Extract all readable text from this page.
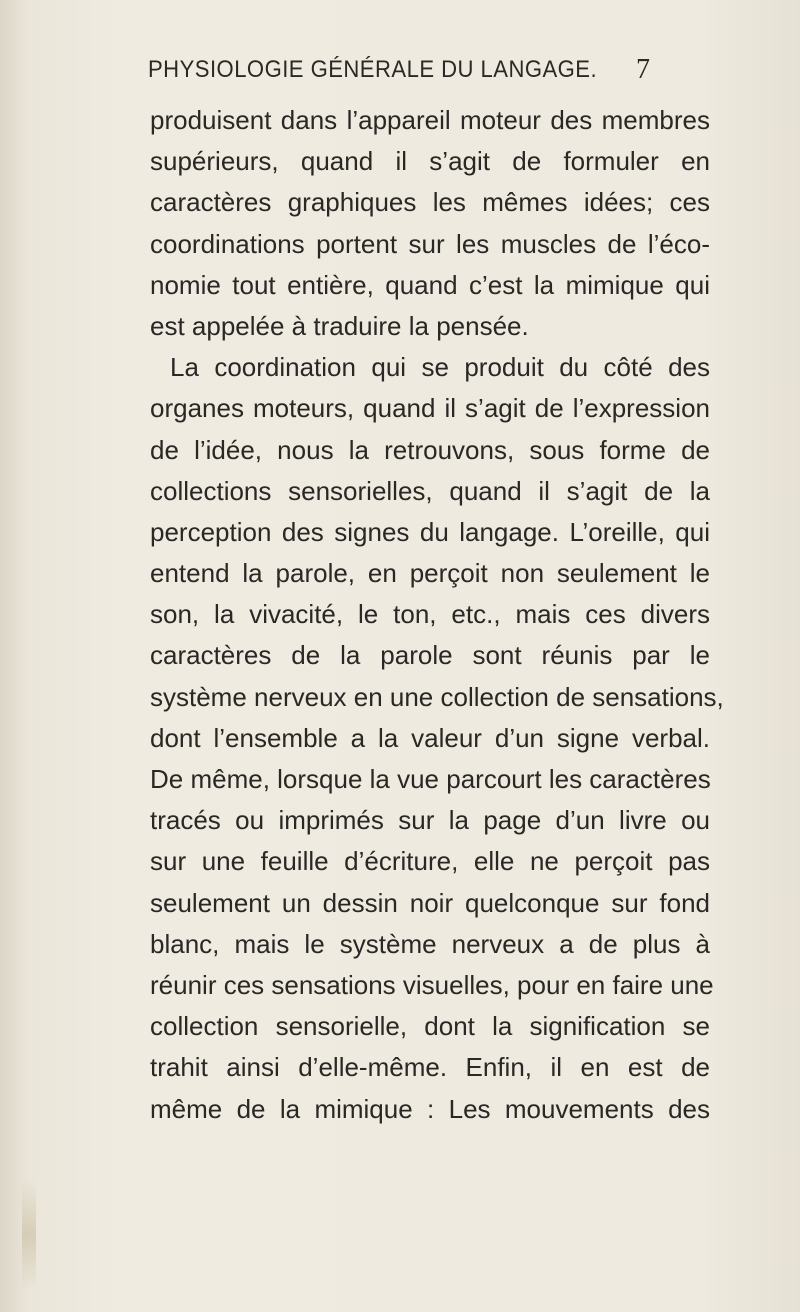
PHYSIOLOGIE GÉNÉRALE DU LANGAGE. 7
produisent dans l’appareil moteur des membres
supérieurs, quand il s’agit de formuler en
caractères graphiques les mêmes idées; ces
coordinations portent sur les muscles de l’éco-
nomie tout entière, quand c’est la mimique qui
est appelée à traduire la pensée.
La coordination qui se produit du côté des
organes moteurs, quand il s’agit de l’expression
de l’idée, nous la retrouvons, sous forme de
collections sensorielles, quand il s’agit de la
perception des signes du langage. L’oreille, qui
entend la parole, en perçoit non seulement le
son, la vivacité, le ton, etc., mais ces divers
caractères de la parole sont réunis par le
système nerveux en une collection de sensations,
dont l’ensemble a la valeur d’un signe verbal.
De même, lorsque la vue parcourt les caractères
tracés ou imprimés sur la page d’un livre ou
sur une feuille d’écriture, elle ne perçoit pas
seulement un dessin noir quelconque sur fond
blanc, mais le système nerveux a de plus à
réunir ces sensations visuelles, pour en faire une
collection sensorielle, dont la signification se
trahit ainsi d’elle-même. Enfin, il en est de
même de la mimique : Les mouvements des
